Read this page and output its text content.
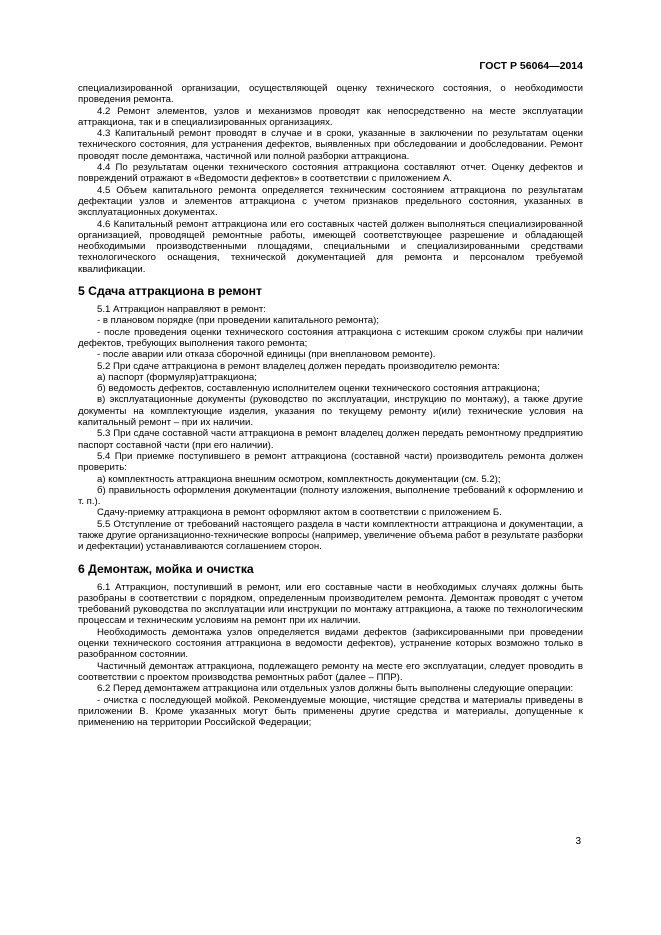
ГОСТ Р 56064—2014

специализированной организации, осуществляющей оценку технического состояния, о необходимости проведения ремонта.

4.2 Ремонт элементов, узлов и механизмов проводят как непосредственно на месте эксплуатации аттракциона, так и в специализированных организациях.

4.3 Капитальный ремонт проводят в случае и в сроки, указанные в заключении по результатам оценки технического состояния, для устранения дефектов, выявленных при обследовании и дообследовании. Ремонт проводят после демонтажа, частичной или полной разборки аттракциона.

4.4 По результатам оценки технического состояния аттракциона составляют отчет. Оценку дефектов и повреждений отражают в «Ведомости дефектов» в соответствии с приложением А.

4.5 Объем капитального ремонта определяется техническим состоянием аттракциона по результатам дефектации узлов и элементов аттракциона с учетом признаков предельного состояния, указанных в эксплуатационных документах.

4.6 Капитальный ремонт аттракциона или его составных частей должен выполняться специализированной организацией, проводящей ремонтные работы, имеющей соответствующее разрешение и обладающей необходимыми производственными площадями, специальными и специализированными средствами технологического оснащения, технической документацией для ремонта и персоналом требуемой квалификации.

5 Сдача аттракциона в ремонт

5.1 Аттракцион направляют в ремонт:

- в плановом порядке (при проведении капитального ремонта);

- после проведения оценки технического состояния аттракциона с истекшим сроком службы при наличии дефектов, требующих выполнения такого ремонта;

- после аварии или отказа сборочной единицы (при внеплановом ремонте).

5.2 При сдаче аттракциона в ремонт владелец должен передать производителю ремонта:

а) паспорт (формуляр)аттракциона;

б) ведомость дефектов, составленную исполнителем оценки технического состояния аттракциона;

в) эксплуатационные документы (руководство по эксплуатации, инструкцию по монтажу), а также другие документы на комплектующие изделия, указания по текущему ремонту и(или) технические условия на капитальный ремонт – при их наличии.

5.3 При сдаче составной части аттракциона в ремонт владелец должен передать ремонтному предприятию паспорт составной части (при его наличии).

5.4 При приемке поступившего в ремонт аттракциона (составной части) производитель ремонта должен проверить:

а) комплектность аттракциона внешним осмотром, комплектность документации (см. 5.2);

б) правильность оформления документации (полноту изложения, выполнение требований к оформлению и т. п.).

Сдачу-приемку аттракциона в ремонт оформляют актом в соответствии с приложением Б.

5.5 Отступление от требований настоящего раздела в части комплектности аттракциона и документации, а также другие организационно-технические вопросы (например, увеличение объема работ в результате разборки и дефектации) устанавливаются соглашением сторон.

6 Демонтаж, мойка и очистка

6.1 Аттракцион, поступивший в ремонт, или его составные части в необходимых случаях должны быть разобраны в соответствии с порядком, определенным производителем ремонта. Демонтаж проводят с учетом требований руководства по эксплуатации или инструкции по монтажу аттракциона, а также по технологическим процессам и техническим условиям на ремонт при их наличии.

Необходимость демонтажа узлов определяется видами дефектов (зафиксированными при проведении оценки технического состояния аттракциона в ведомости дефектов), устранение которых возможно только в разобранном состоянии.

Частичный демонтаж аттракциона, подлежащего ремонту на месте его эксплуатации, следует проводить в соответствии с проектом производства ремонтных работ (далее – ППР).

6.2 Перед демонтажем аттракциона или отдельных узлов должны быть выполнены следующие операции:

- очистка с последующей мойкой. Рекомендуемые моющие, чистящие средства и материалы приведены в приложении В. Кроме указанных могут быть применены другие средства и материалы, допущенные к применению на территории Российской Федерации;

3
